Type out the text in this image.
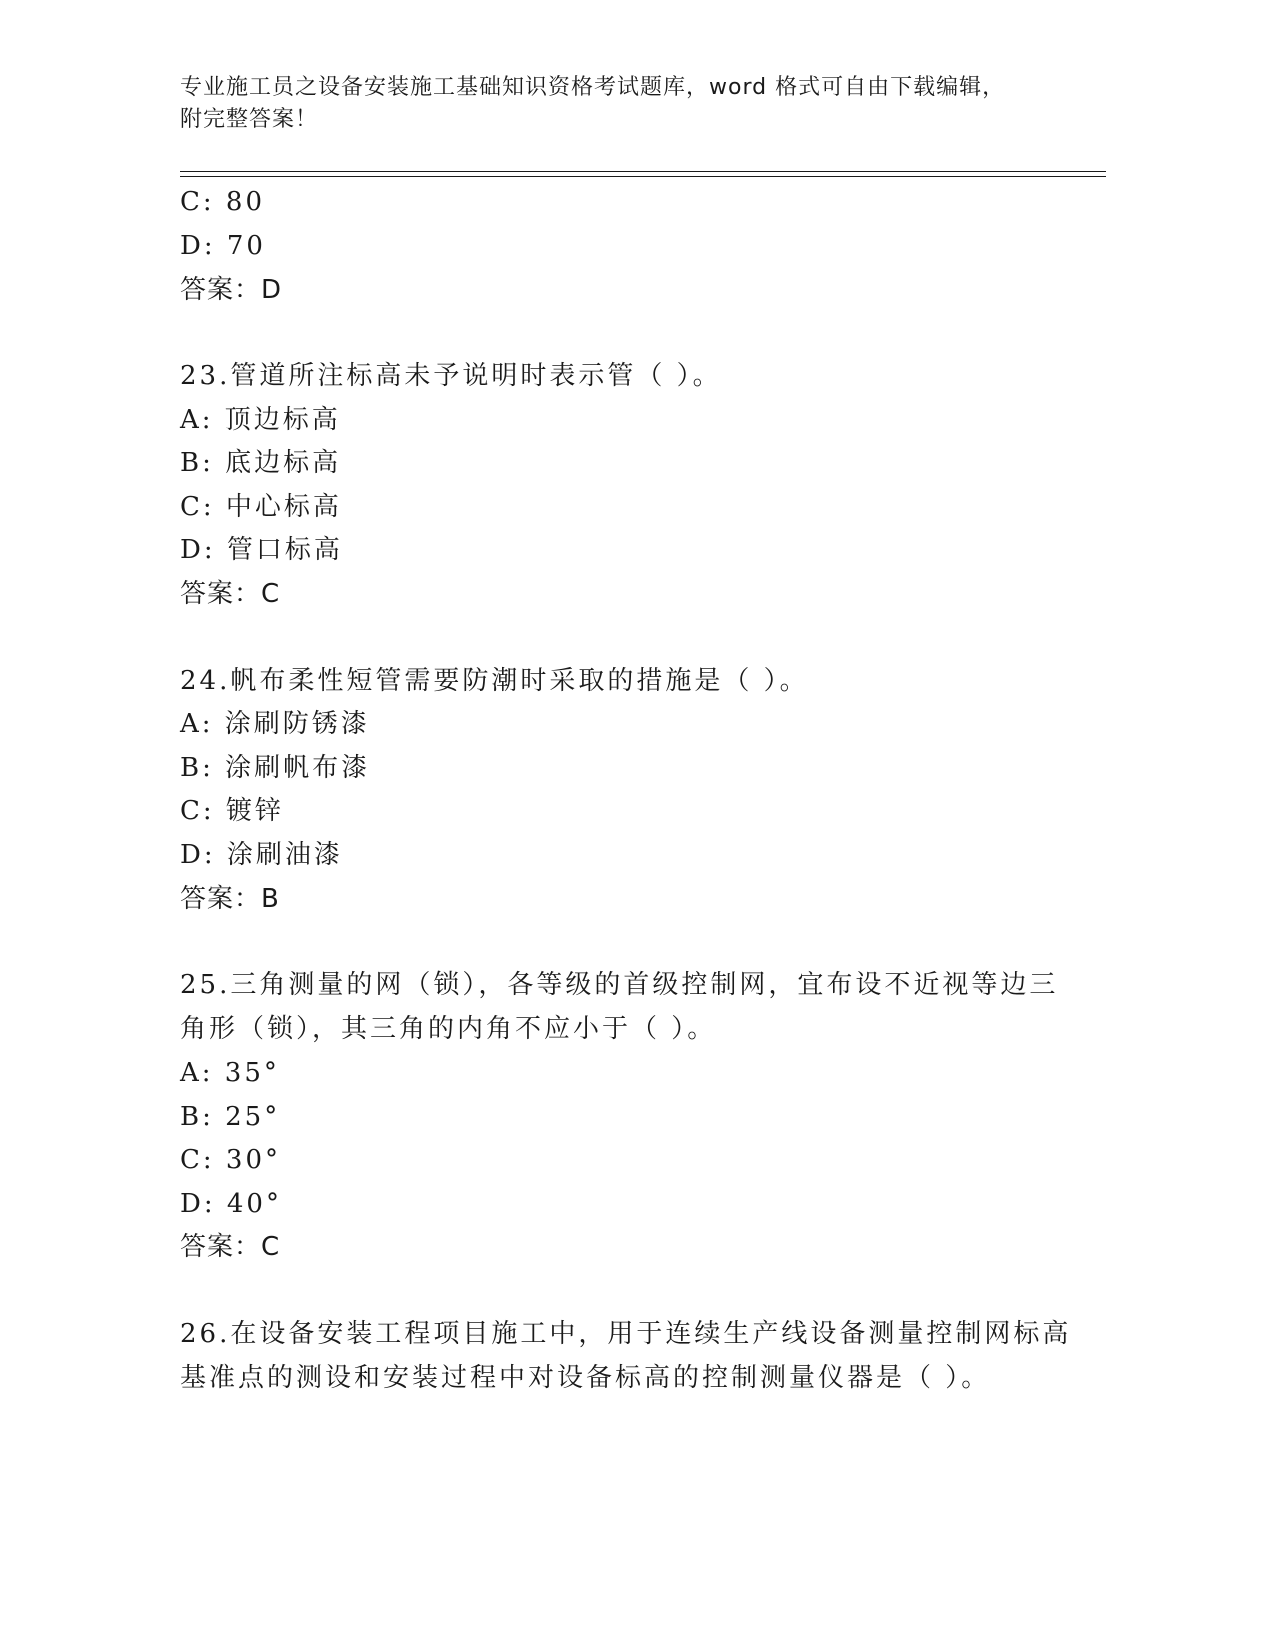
专业施工员之设备安装施工基础知识资格考试题库，word 格式可自由下载编辑，
附完整答案！
C: 80
D: 70
答案：D
23.管道所注标高未予说明时表示管（ ）。
A: 顶边标高
B: 底边标高
C: 中心标高
D: 管口标高
答案：C
24.帆布柔性短管需要防潮时采取的措施是（ ）。
A: 涂刷防锈漆
B: 涂刷帆布漆
C: 镀锌
D: 涂刷油漆
答案：B
25.三角测量的网（锁），各等级的首级控制网，宜布设不近视等边三
角形（锁），其三角的内角不应小于（ ）。
A: 35°
B: 25°
C: 30°
D: 40°
答案：C
26.在设备安装工程项目施工中，用于连续生产线设备测量控制网标高
基准点的测设和安装过程中对设备标高的控制测量仪器是（ ）。
